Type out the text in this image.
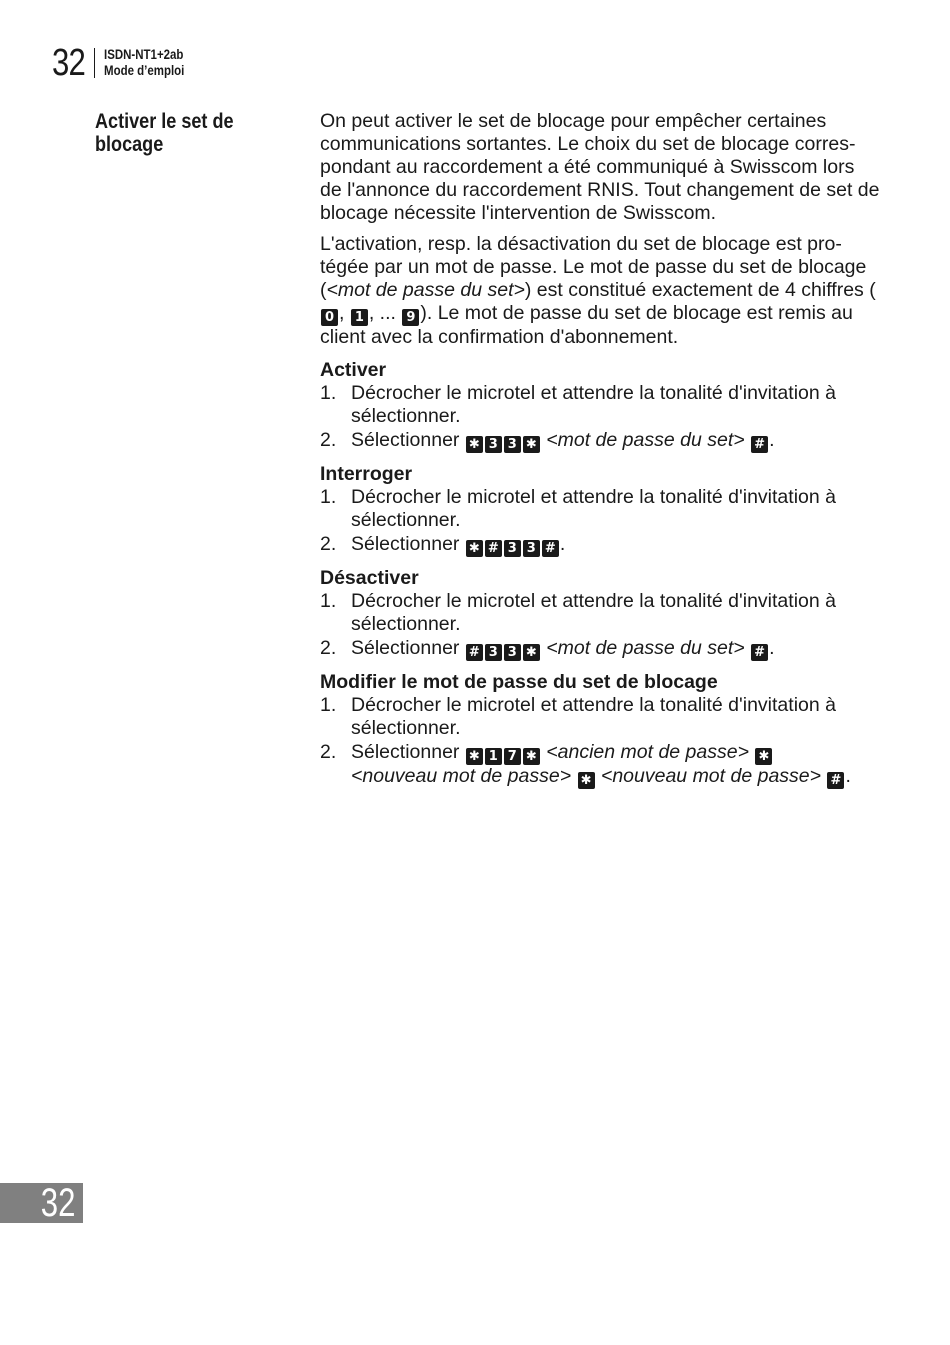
32 ISDN-NT1+2ab
Mode d’emploi
Activer le set de
blocage

On peut activer le set de blocage pour empêcher certaines communications sortantes. Le choix du set de blocage corres-pondant au raccordement a été communiqué à Swisscom lors de l'annonce du raccordement RNIS. Tout changement de set de blocage nécessite l'intervention de Swisscom.

L'activation, resp. la désactivation du set de blocage est pro-tégée par un mot de passe. Le mot de passe du set de blocage (<mot de passe du set>) est constitué exactement de 4 chiffres (0 , 1 , ... 9 ). Le mot de passe du set de blocage est remis au client avec la confirmation d'abonnement.

Activer
1. Décrocher le microtel et attendre la tonalité d'invitation à sélectionner.
2. Sélectionner ✱ 3 3 ✱ <mot de passe du set> # .
Interroger
1. Décrocher le microtel et attendre la tonalité d'invitation à sélectionner.
2. Sélectionner ✱ # 3 3 # .
Désactiver
1. Décrocher le microtel et attendre la tonalité d'invitation à sélectionner.
2. Sélectionner # 3 3 ✱ <mot de passe du set> # .
Modifier le mot de passe du set de blocage
1. Décrocher le microtel et attendre la tonalité d'invitation à sélectionner.
2. Sélectionner ✱ 1 7 ✱ <ancien mot de passe> ✱
<nouveau mot de passe> ✱ <nouveau mot de passe> # .
32
